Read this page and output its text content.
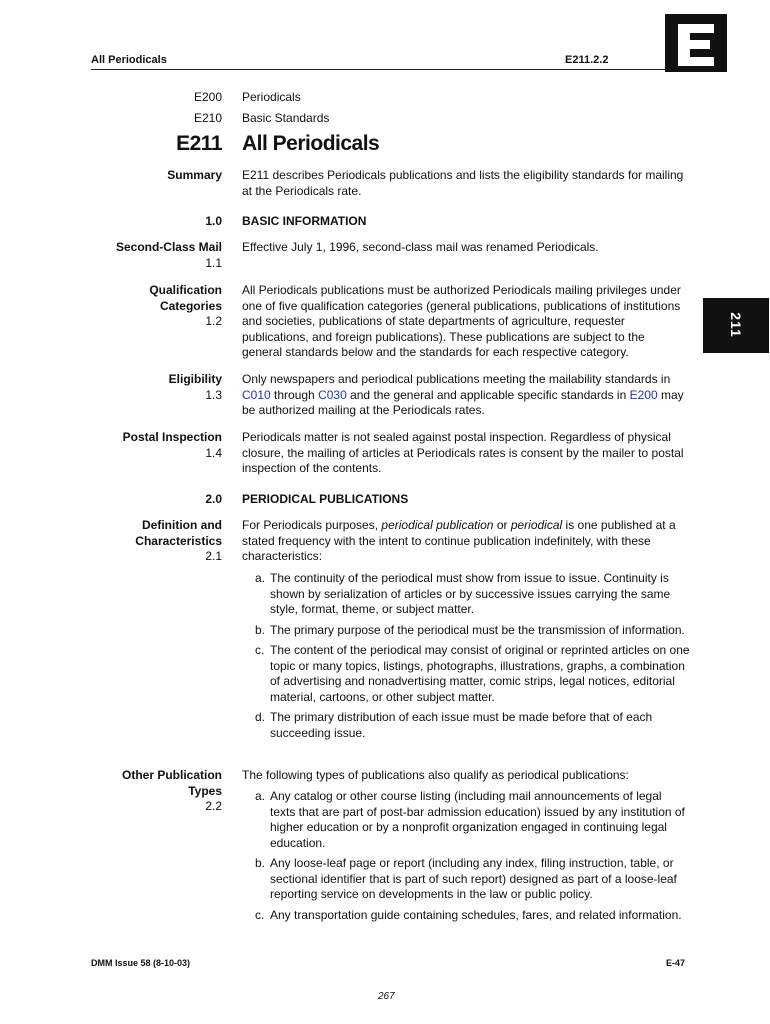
All Periodicals	E211.2.2
211
E200 Periodicals
E210 Basic Standards
E211 All Periodicals
Summary E211 describes Periodicals publications and lists the eligibility standards for mailing at the Periodicals rate.
1.0 BASIC INFORMATION
Second-Class Mail
1.1
Effective July 1, 1996, second-class mail was renamed Periodicals.
Qualification
Categories
1.2
All Periodicals publications must be authorized Periodicals mailing privileges under one of five qualification categories (general publications, publications of institutions and societies, publications of state departments of agriculture, requester publications, and foreign publications). These publications are subject to the general standards below and the standards for each respective category.
Eligibility
1.3
Only newspapers and periodical publications meeting the mailability standards in C010 through C030 and the general and applicable specific standards in E200 may be authorized mailing at the Periodicals rates.
Postal Inspection
1.4
Periodicals matter is not sealed against postal inspection. Regardless of physical closure, the mailing of articles at Periodicals rates is consent by the mailer to postal inspection of the contents.
2.0 PERIODICAL PUBLICATIONS
Definition and
Characteristics
2.1
For Periodicals purposes, periodical publication or periodical is one published at a stated frequency with the intent to continue publication indefinitely, with these characteristics:
a. The continuity of the periodical must show from issue to issue. Continuity is shown by serialization of articles or by successive issues carrying the same style, format, theme, or subject matter.
b. The primary purpose of the periodical must be the transmission of information.
c. The content of the periodical may consist of original or reprinted articles on one topic or many topics, listings, photographs, illustrations, graphs, a combination of advertising and nonadvertising matter, comic strips, legal notices, editorial material, cartoons, or other subject matter.
d. The primary distribution of each issue must be made before that of each succeeding issue.
Other Publication
Types
2.2
The following types of publications also qualify as periodical publications:
a. Any catalog or other course listing (including mail announcements of legal texts that are part of post-bar admission education) issued by any institution of higher education or by a nonprofit organization engaged in continuing legal education.
b. Any loose-leaf page or report (including any index, filing instruction, table, or sectional identifier that is part of such report) designed as part of a loose-leaf reporting service on developments in the law or public policy.
c. Any transportation guide containing schedules, fares, and related information.
DMM Issue 58 (8-10-03)	E-47
267
